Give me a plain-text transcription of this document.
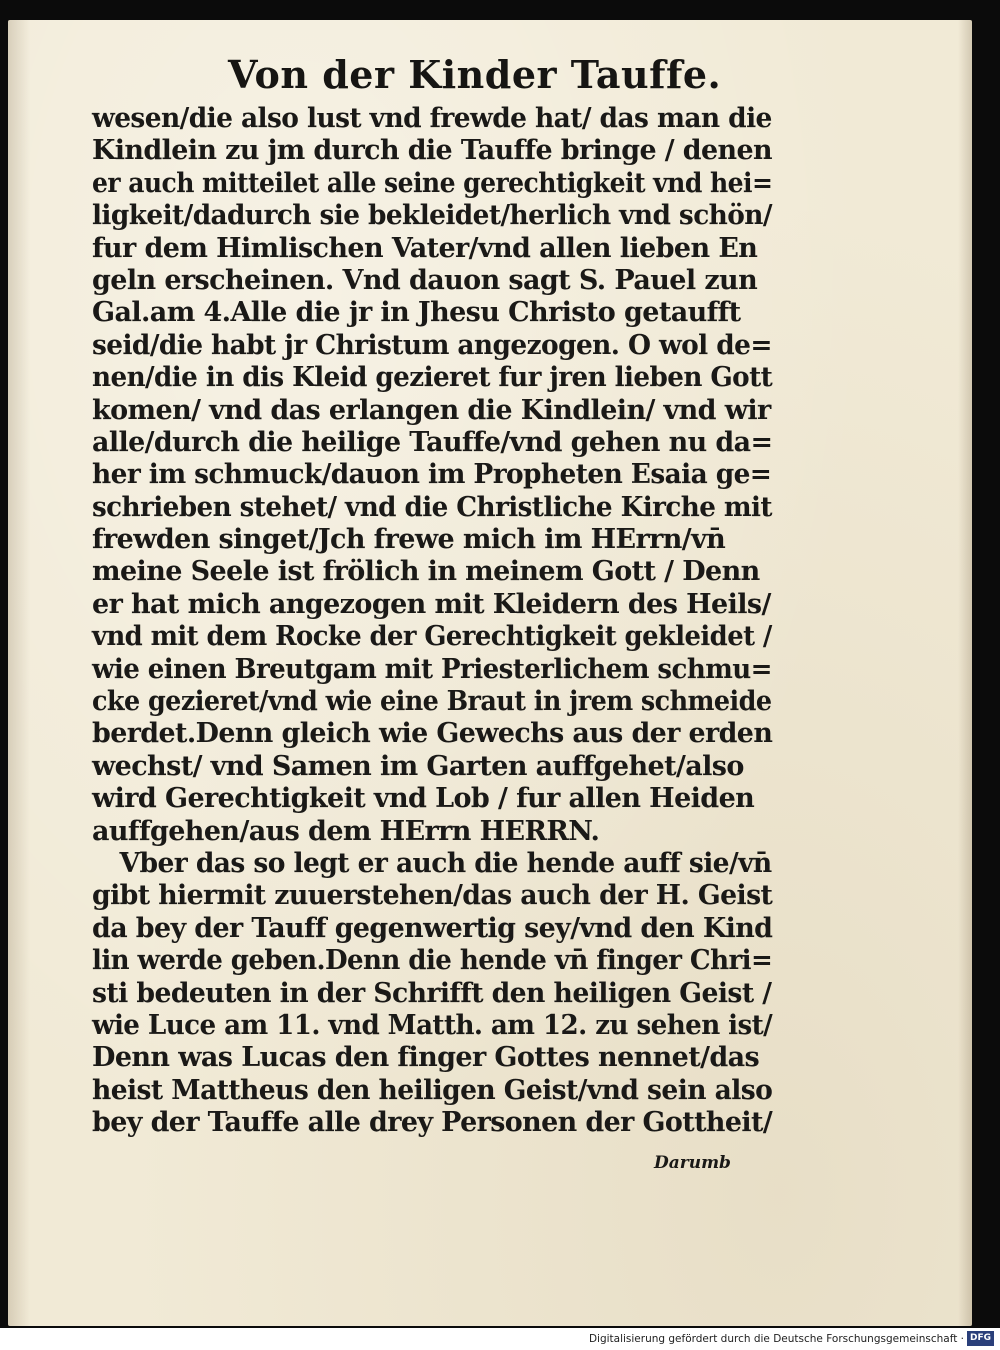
Von der Kinder Tauffe.
wesen/die also lust vnd frewde hat/ das man die
Kindlein zu jm durch die Tauffe bringe / denen
er auch mitteilet alle seine gerechtigkeit vnd hei=
ligkeit/dadurch sie bekleidet/herlich vnd schön/
fur dem Himlischen Vater/vnd allen lieben En
geln erscheinen. Vnd dauon sagt S. Pauel zun
Gal.am 4.Alle die jr in Jhesu Christo getaufft
seid/die habt jr Christum angezogen. O wol de=
nen/die in dis Kleid gezieret fur jren lieben Gott
komen/ vnd das erlangen die Kindlein/ vnd wir
alle/durch die heilige Tauffe/vnd gehen nu da=
her im schmuck/dauon im Propheten Esaia ge=
schrieben stehet/ vnd die Christliche Kirche mit
frewden singet/Jch frewe mich im HErrn/vn̄
meine Seele ist frölich in meinem Gott / Denn
er hat mich angezogen mit Kleidern des Heils/
vnd mit dem Rocke der Gerechtigkeit gekleidet /
wie einen Breutgam mit Priesterlichem schmu=
cke gezieret/vnd wie eine Braut in jrem schmeide
berdet.Denn gleich wie Gewechs aus der erden
wechst/ vnd Samen im Garten auffgehet/also
wird Gerechtigkeit vnd Lob / fur allen Heiden
auffgehen/aus dem HErrn HERRN.
Vber das so legt er auch die hende auff sie/vn̄
gibt hiermit zuuerstehen/das auch der H. Geist
da bey der Tauff gegenwertig sey/vnd den Kind
lin werde geben.Denn die hende vn̄ finger Chri=
sti bedeuten in der Schrifft den heiligen Geist /
wie Luce am 11. vnd Matth. am 12. zu sehen ist/
Denn was Lucas den finger Gottes nennet/das
heist Mattheus den heiligen Geist/vnd sein also
bey der Tauffe alle drey Personen der Gottheit/
Darumb
Digitalisierung gefördert durch die Deutsche Forschungsgemeinschaft · DFG
